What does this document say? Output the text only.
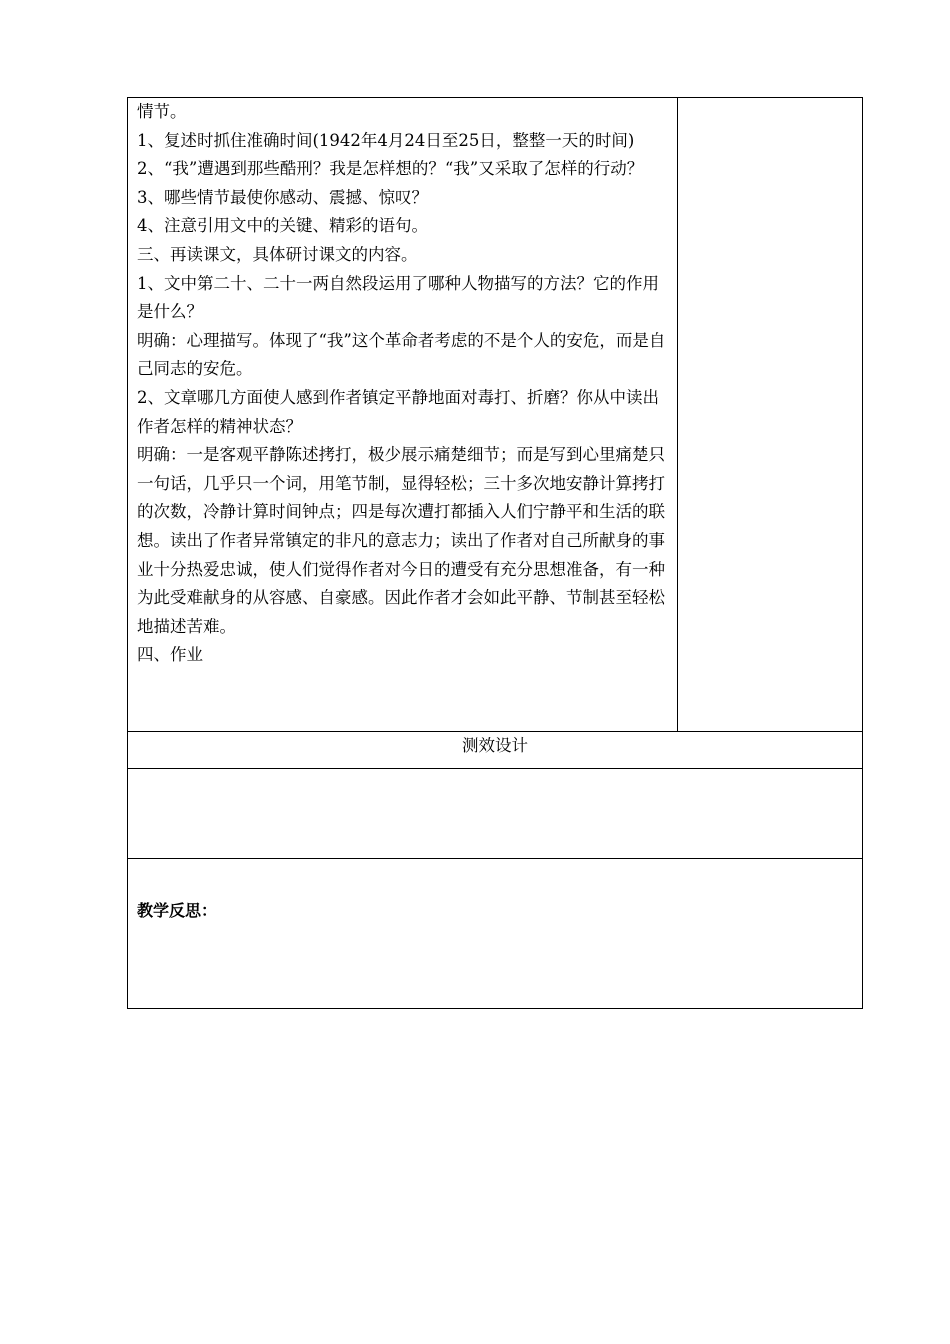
情节。

1、复述时抓住准确时间(1942年4月24日至25日，整整一天的时间)

2、“我”遭遇到那些酷刑？我是怎样想的？“我”又采取了怎样的行动？

3、哪些情节最使你感动、震撼、惊叹？

4、注意引用文中的关键、精彩的语句。

三、再读课文，具体研讨课文的内容。

1、文中第二十、二十一两自然段运用了哪种人物描写的方法？它的作用是什么？

明确：心理描写。体现了“我”这个革命者考虑的不是个人的安危，而是自己同志的安危。

2、文章哪几方面使人感到作者镇定平静地面对毒打、折磨？你从中读出作者怎样的精神状态？

明确：一是客观平静陈述拷打，极少展示痛楚细节；而是写到心里痛楚只一句话，几乎只一个词，用笔节制，显得轻松；三十多次地安静计算拷打的次数，冷静计算时间钟点；四是每次遭打都插入人们宁静平和生活的联想。读出了作者异常镇定的非凡的意志力；读出了作者对自己所献身的事业十分热爱忠诚，使人们觉得作者对今日的遭受有充分思想准备，有一种为此受难献身的从容感、自豪感。因此作者才会如此平静、节制甚至轻松地描述苦难。

四、作业

测效设计

教学反思：
